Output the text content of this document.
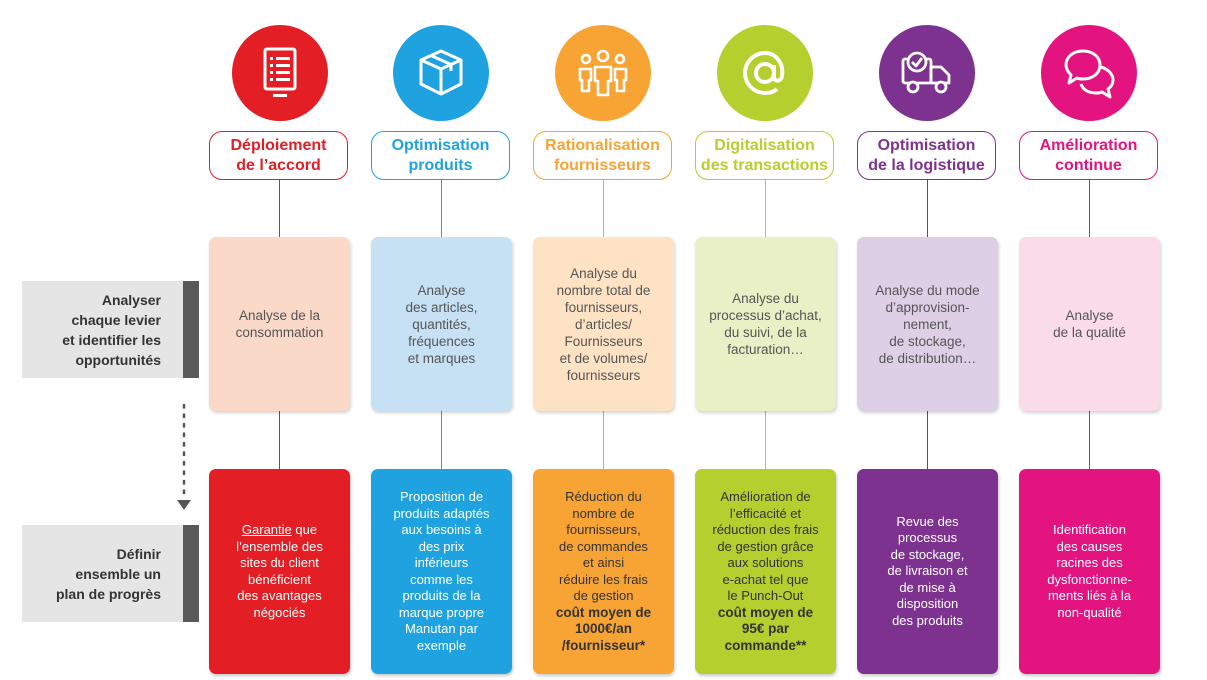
Analyser
chaque levier
et identifier les
opportunités
Définir
ensemble un
plan de progrès
Déploiement
de l’accord
Analyse de la
consommation
Garantie que
l’ensemble des
sites du client
bénéficient
des avantages
négociés
Optimisation
produits
Analyse
des articles,
quantités,
fréquences
et marques
Proposition de
produits adaptés
aux besoins à
des prix
inférieurs
comme les
produits de la
marque propre
Manutan par
exemple
Rationalisation
fournisseurs
Analyse du
nombre total de
fournisseurs,
d’articles/
Fournisseurs
et de volumes/
fournisseurs
Réduction du
nombre de
fournisseurs,
de commandes
et ainsi
réduire les frais
de gestion
coût moyen de
1000€/an
/fournisseur*
Digitalisation
des transactions
Analyse du
processus d’achat,
du suivi, de la
facturation…
Amélioration de
l’efficacité et
réduction des frais
de gestion grâce
aux solutions
e-achat tel que
le Punch-Out
coût moyen de
95€ par
commande**
Optimisation
de la logistique
Analyse du mode
d’approvision-
nement,
de stockage,
de distribution…
Revue des
processus
de stockage,
de livraison et
de mise à
disposition
des produits
Amélioration
continue
Analyse
de la qualité
Identification
des causes
racines des
dysfonctionne-
ments liés à la
non-qualité
